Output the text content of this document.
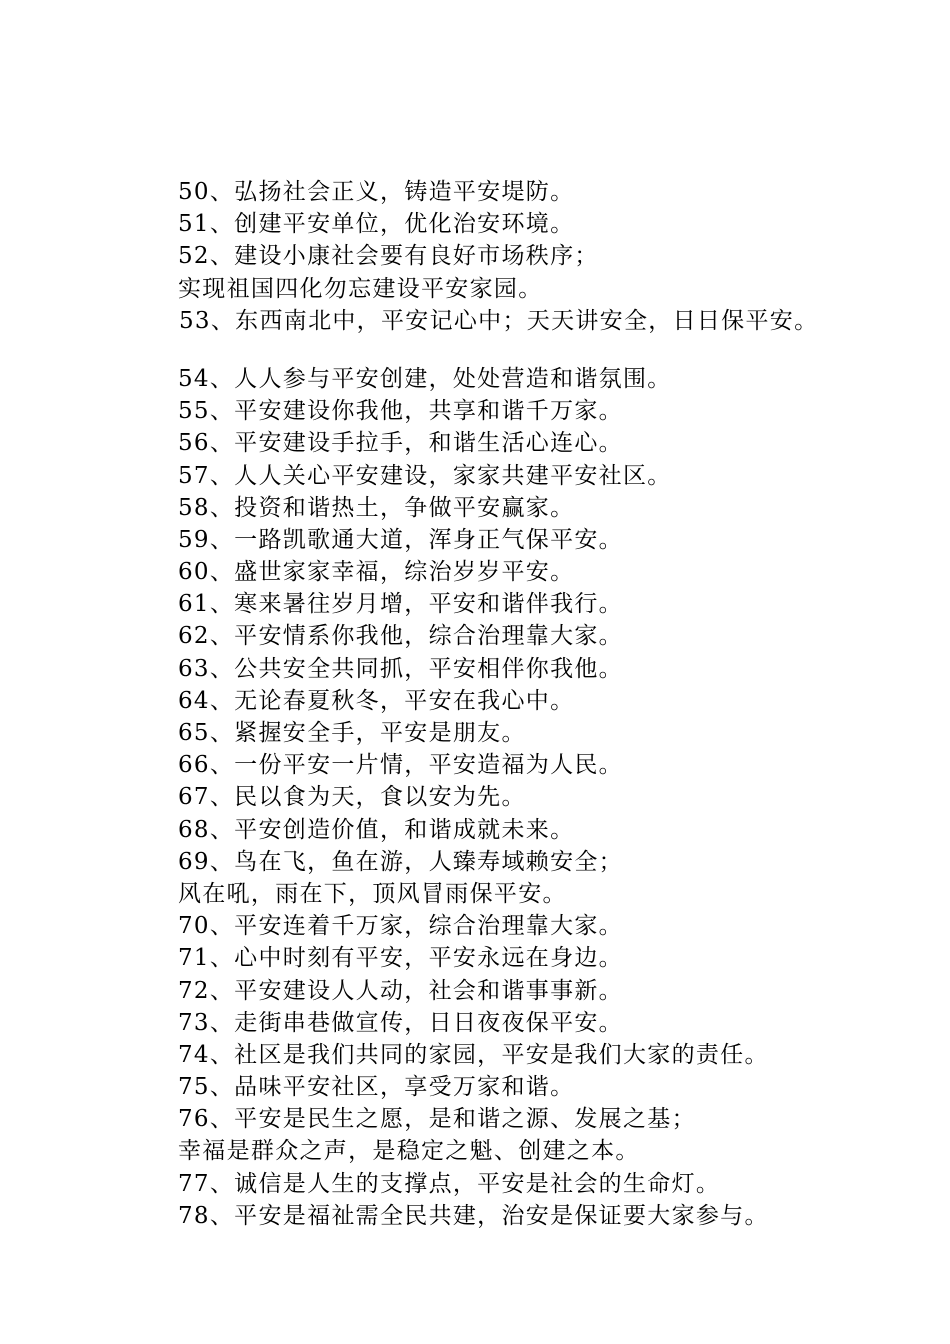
50、弘扬社会正义，铸造平安堤防。
51、创建平安单位，优化治安环境。
52、建设小康社会要有良好市场秩序；
实现祖国四化勿忘建设平安家园。
53、东西南北中，平安记心中；天天讲安全，日日保平安。
54、人人参与平安创建，处处营造和谐氛围。
55、平安建设你我他，共享和谐千万家。
56、平安建设手拉手，和谐生活心连心。
57、人人关心平安建设，家家共建平安社区。
58、投资和谐热土，争做平安赢家。
59、一路凯歌通大道，浑身正气保平安。
60、盛世家家幸福，综治岁岁平安。
61、寒来暑往岁月增，平安和谐伴我行。
62、平安情系你我他，综合治理靠大家。
63、公共安全共同抓，平安相伴你我他。
64、无论春夏秋冬，平安在我心中。
65、紧握安全手，平安是朋友。
66、一份平安一片情，平安造福为人民。
67、民以食为天，食以安为先。
68、平安创造价值，和谐成就未来。
69、鸟在飞，鱼在游，人臻寿域赖安全；
风在吼，雨在下，顶风冒雨保平安。
70、平安连着千万家，综合治理靠大家。
71、心中时刻有平安，平安永远在身边。
72、平安建设人人动，社会和谐事事新。
73、走街串巷做宣传，日日夜夜保平安。
74、社区是我们共同的家园，平安是我们大家的责任。
75、品味平安社区，享受万家和谐。
76、平安是民生之愿，是和谐之源、发展之基；
幸福是群众之声，是稳定之魁、创建之本。
77、诚信是人生的支撑点，平安是社会的生命灯。
78、平安是福祉需全民共建，治安是保证要大家参与。
